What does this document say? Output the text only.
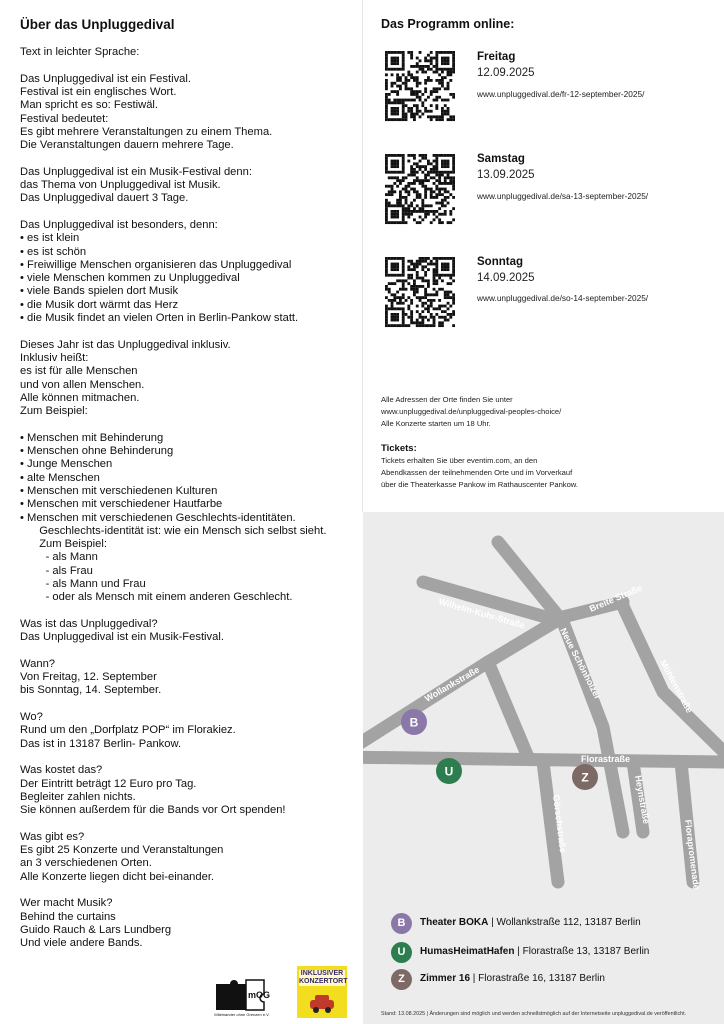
Über das Unpluggedival
Text in leichter Sprache:
Das Unpluggedival ist ein Festival.
Festival ist ein englisches Wort.
Man spricht es so: Festiwäl.
Festival bedeutet:
Es gibt mehrere Veranstaltungen zu einem Thema.
Die Veranstaltungen dauern mehrere Tage.
Das Unpluggedival ist ein Musik-Festival denn:
das Thema von Unpluggedival ist Musik.
Das Unpluggedival dauert 3 Tage.
Das Unpluggedival ist besonders, denn:
• es ist klein
• es ist schön
• Freiwillige Menschen organisieren das Unpluggedival
• viele Menschen kommen zu Unpluggedival
• viele Bands spielen dort Musik
• die Musik dort wärmt das Herz
• die Musik findet an vielen Orten in Berlin-Pankow statt.
Dieses Jahr ist das Unpluggedival inklusiv.
Inklusiv heißt:
es ist für alle Menschen
und von allen Menschen.
Alle können mitmachen.
Zum Beispiel:
• Menschen mit Behinderung
• Menschen ohne Behinderung
• Junge Menschen
• alte Menschen
• Menschen mit verschiedenen Kulturen
• Menschen mit verschiedener Hautfarbe
• Menschen mit verschiedenen Geschlechts-identitäten.
Geschlechts-identität ist: wie ein Mensch sich selbst sieht.
Zum Beispiel:
- als Mann
- als Frau
- als Mann und Frau
- oder als Mensch mit einem anderen Geschlecht.
Was ist das Unpluggedival?
Das Unpluggedival ist ein Musik-Festival.
Wann?
Von Freitag, 12. September
bis Sonntag, 14. September.
Wo?
Rund um den „Dorfplatz POP“ im Florakiez.
Das ist in 13187 Berlin- Pankow.
Was kostet das?
Der Eintritt beträgt 12 Euro pro Tag.
Begleiter zahlen nichts.
Sie können außerdem für die Bands vor Ort spenden!
Was gibt es?
Es gibt 25 Konzerte und Veranstaltungen
an 3 verschiedenen Orten.
Alle Konzerte liegen dicht bei-einander.
Wer macht Musik?
Behind the curtains
Guido Rauch & Lars Lundberg
Und viele andere Bands.
mOG
Miteinander ohne Grenzen e.V.
INKLUSIVER KONZERTORT
Das Programm online:
Freitag
12.09.2025
www.unpluggedival.de/fr-12-september-2025/
Samstag
13.09.2025
www.unpluggedival.de/sa-13-september-2025/
Sonntag
14.09.2025
www.unpluggedival.de/so-14-september-2025/
Alle Adressen der Orte finden Sie unter
www.unpluggedival.de/unpluggedival-peoples-choice/
Alle Konzerte starten um 18 Uhr.
Tickets:
Tickets erhalten Sie über eventim.com, an den
Abendkassen der teilnehmenden Orte und im Vorverkauf
über die Theaterkasse Pankow im Rathauscenter Pankow.
Wilhelm-Kuhr-Straße	Breite Straße
Neue Schönholzer	Mühlenstraße
Wollankstraße
Florastraße
Heynstraße
Görschstraße	Florapromenade
B
U	Z
B	Theater BOKA | Wollankstraße 112, 13187 Berlin
U	HumasHeimatHafen | Florastraße 13, 13187 Berlin
Z	Zimmer 16 | Florastraße 16, 13187 Berlin
Stand: 13.08.2025 | Änderungen sind möglich und werden schnellstmöglich auf der Internetseite unpluggedival.de veröffentlicht.
